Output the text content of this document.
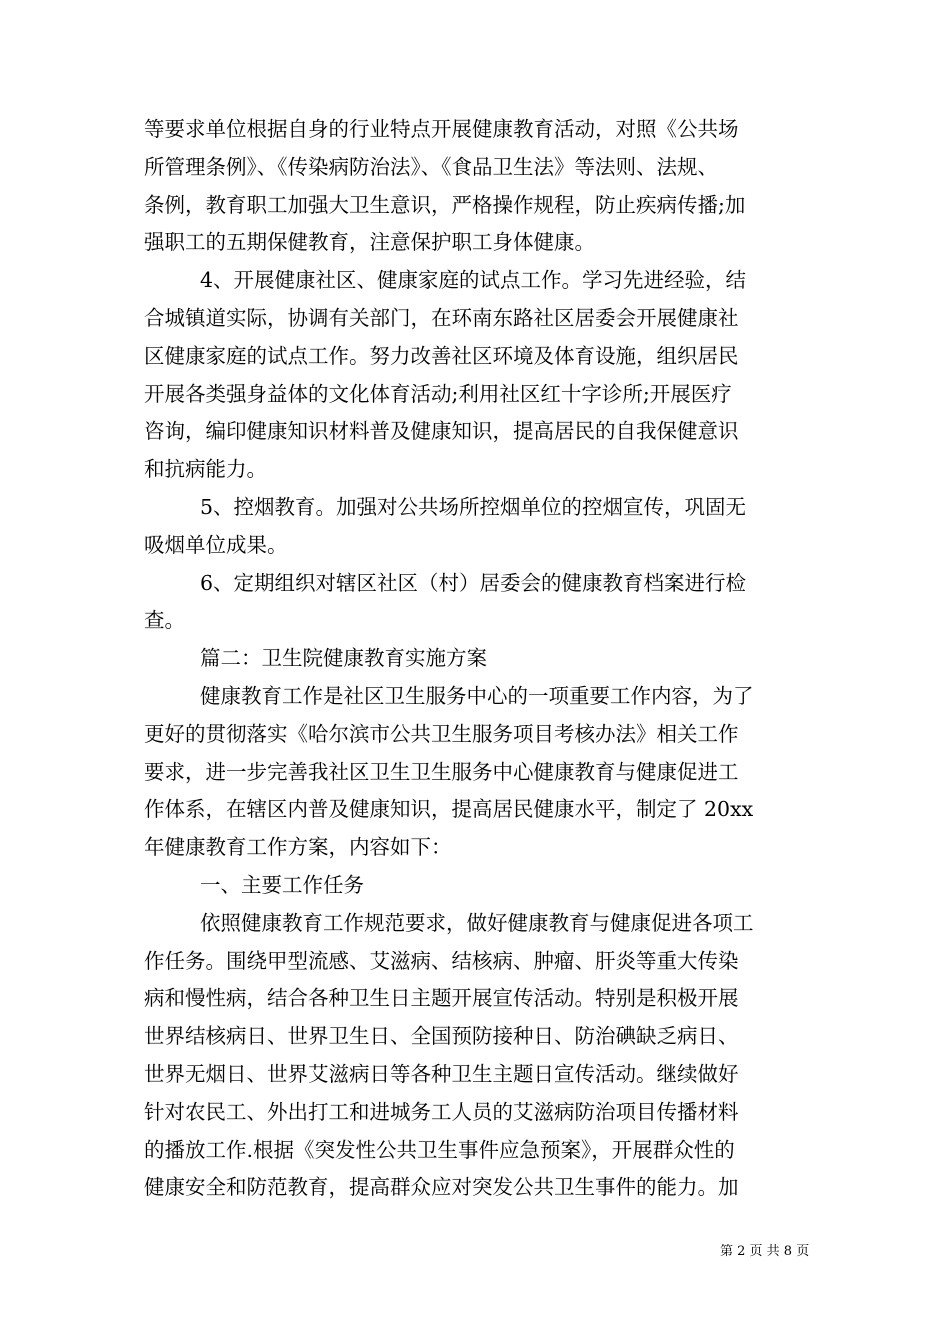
等要求单位根据自身的行业特点开展健康教育活动，对照《公共场
所管理条例》、《传染病防治法》、《食品卫生法》等法则、法规、
条例，教育职工加强大卫生意识，严格操作规程，防止疾病传播;加
强职工的五期保健教育，注意保护职工身体健康。
4、开展健康社区、健康家庭的试点工作。学习先进经验，结
合城镇道实际，协调有关部门，在环南东路社区居委会开展健康社
区健康家庭的试点工作。努力改善社区环境及体育设施，组织居民
开展各类强身益体的文化体育活动;利用社区红十字诊所;开展医疗
咨询，编印健康知识材料普及健康知识，提高居民的自我保健意识
和抗病能力。
5、控烟教育。加强对公共场所控烟单位的控烟宣传，巩固无
吸烟单位成果。
6、定期组织对辖区社区（村）居委会的健康教育档案进行检
查。
篇二：卫生院健康教育实施方案
健康教育工作是社区卫生服务中心的一项重要工作内容，为了
更好的贯彻落实《哈尔滨市公共卫生服务项目考核办法》相关工作
要求，进一步完善我社区卫生卫生服务中心健康教育与健康促进工
作体系，在辖区内普及健康知识，提高居民健康水平，制定了 20xx
年健康教育工作方案，内容如下：
一、主要工作任务
依照健康教育工作规范要求，做好健康教育与健康促进各项工
作任务。围绕甲型流感、艾滋病、结核病、肿瘤、肝炎等重大传染
病和慢性病，结合各种卫生日主题开展宣传活动。特别是积极开展
世界结核病日、世界卫生日、全国预防接种日、防治碘缺乏病日、
世界无烟日、世界艾滋病日等各种卫生主题日宣传活动。继续做好
针对农民工、外出打工和进城务工人员的艾滋病防治项目传播材料
的播放工作.根据《突发性公共卫生事件应急预案》，开展群众性的
健康安全和防范教育，提高群众应对突发公共卫生事件的能力。加
第 2 页 共 8 页
